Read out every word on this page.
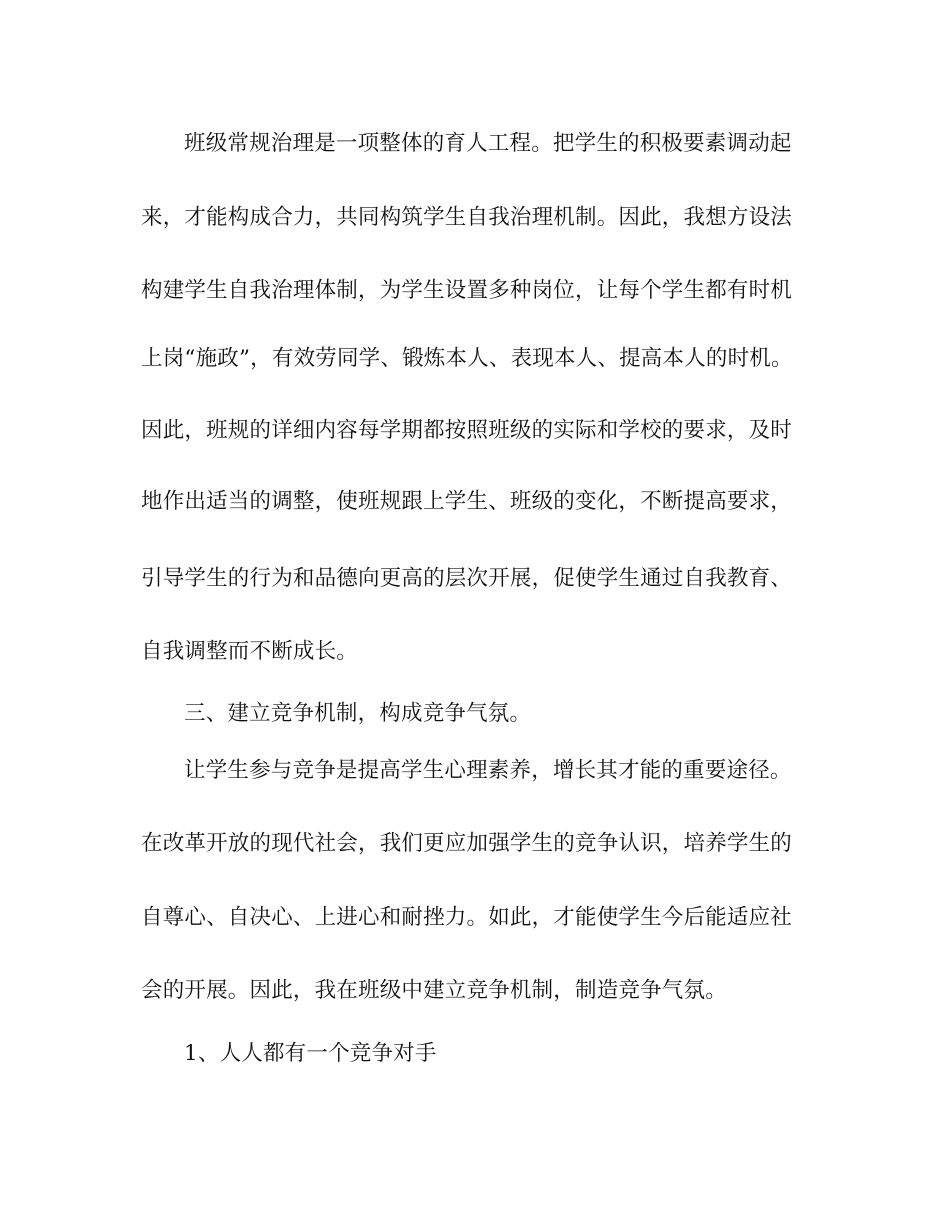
班级常规治理是一项整体的育人工程。把学生的积极要素调动起
来，才能构成合力，共同构筑学生自我治理机制。因此，我想方设法
构建学生自我治理体制，为学生设置多种岗位，让每个学生都有时机
上岗“施政”，有效劳同学、锻炼本人、表现本人、提高本人的时机。
因此，班规的详细内容每学期都按照班级的实际和学校的要求，及时
地作出适当的调整，使班规跟上学生、班级的变化，不断提高要求，
引导学生的行为和品德向更高的层次开展，促使学生通过自我教育、
自我调整而不断成长。
三、建立竞争机制，构成竞争气氛。
让学生参与竞争是提高学生心理素养，增长其才能的重要途径。
在改革开放的现代社会，我们更应加强学生的竞争认识，培养学生的
自尊心、自决心、上进心和耐挫力。如此，才能使学生今后能适应社
会的开展。因此，我在班级中建立竞争机制，制造竞争气氛。
1、人人都有一个竞争对手
